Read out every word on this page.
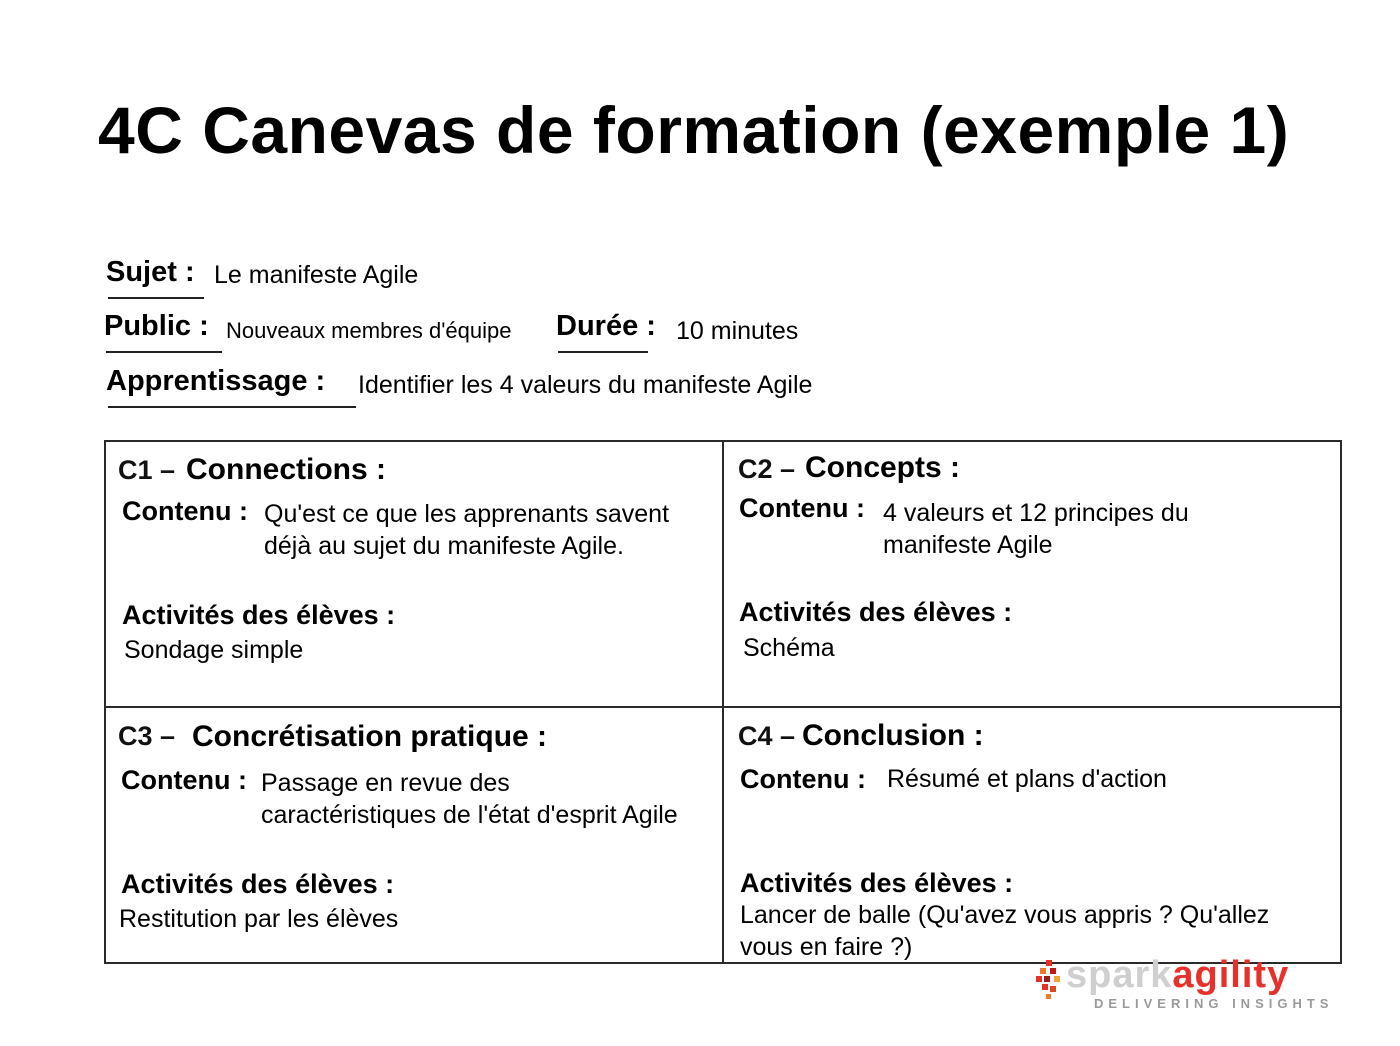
4C Canevas de formation (exemple 1)
Sujet : Le manifeste Agile
Public : Nouveaux membres d'équipe Durée : 10 minutes
Apprentissage : Identifier les 4 valeurs du manifeste Agile
C1 – Connections :
Contenu : Qu'est ce que les apprenants savent
déjà au sujet du manifeste Agile.
Activités des élèves :
Sondage simple
C2 – Concepts :
Contenu : 4 valeurs et 12 principes du
manifeste Agile
Activités des élèves :
Schéma
C3 – Concrétisation pratique :
Contenu : Passage en revue des
caractéristiques de l'état d'esprit Agile
Activités des élèves :
Restitution par les élèves
C4 – Conclusion :
Contenu : Résumé et plans d'action
Activités des élèves :
Lancer de balle (Qu'avez vous appris ? Qu'allez
vous en faire ?)
sparkagility
DELIVERING INSIGHTS
